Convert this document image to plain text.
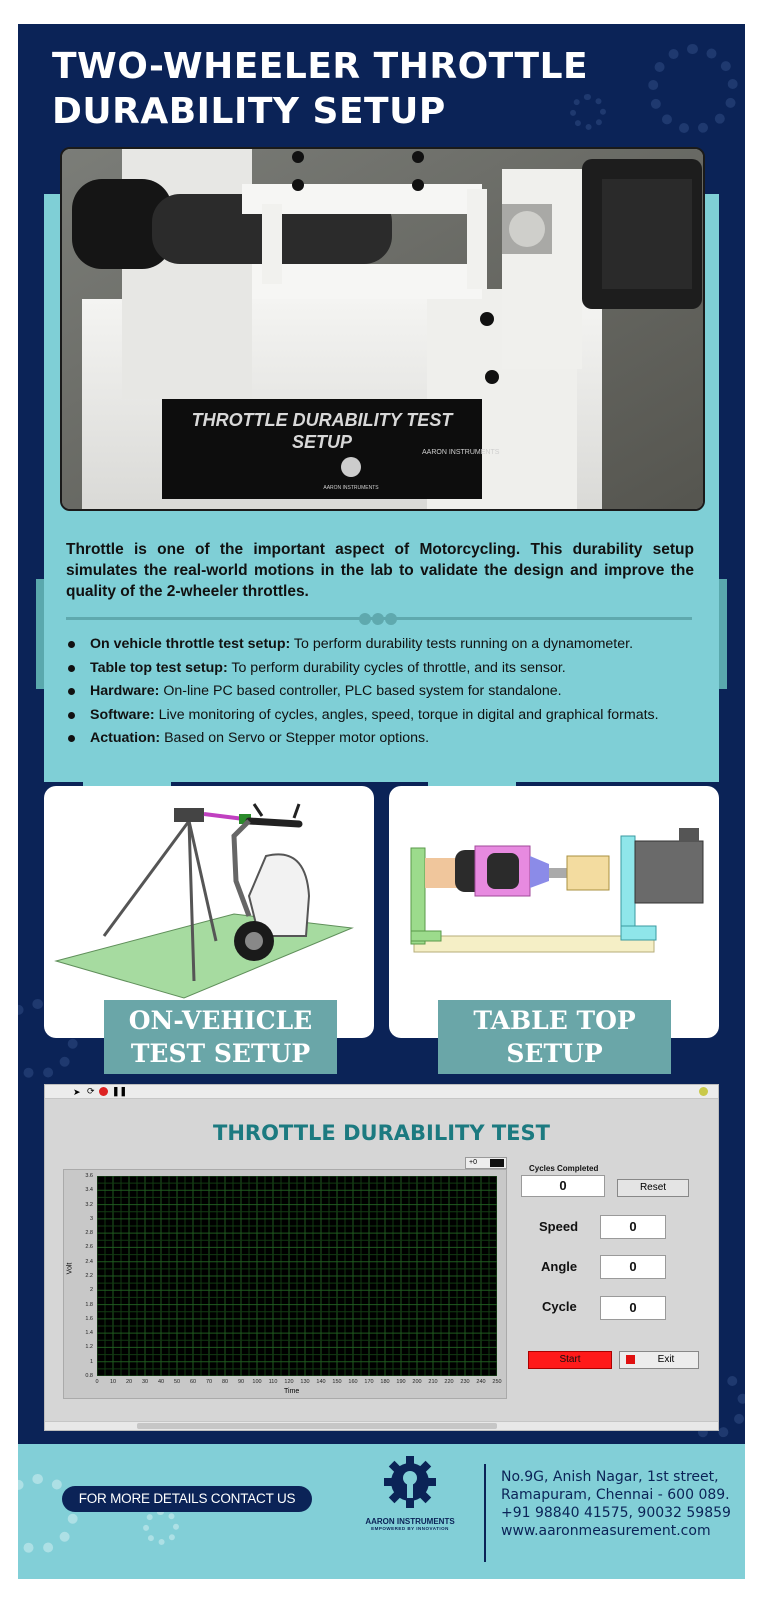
TWO-WHEELER THROTTLE
DURABILITY SETUP
THROTTLE DURABILITY TEST
SETUP
AARON INSTRUMENTS
AARON INSTRUMENTS

Throttle is one of the important aspect of Motorcycling. This durability setup simulates the real-world motions in the lab to validate the design and improve the quality of the 2-wheeler throttles.

On vehicle throttle test setup: To perform durability tests running on a dynamometer.
Table top test setup: To perform durability cycles of throttle, and its sensor.
Hardware: On-line PC based controller, PLC based system for standalone.
Software: Live monitoring of cycles, angles, speed, torque in digital and graphical formats.
Actuation: Based on Servo or Stepper motor options.
ON-VEHICLE
TEST SETUP
TABLE TOP
SETUP
➤ ⟳ ❚❚
THROTTLE DURABILITY TEST
+0
3.6
3.4
3.2
3
2.8
2.6
2.4
2.2
2
1.8
1.6
1.4
1.2
1
0.8
0	10	20	30	40	50	60	70	80	90	100	110	120	130	140	150	160	170	180	190	200	210	220	230	240	250
Volt
Time
Cycles Completed
0	Reset
Speed	0
Angle	0
Cycle	0
Start	Exit
FOR MORE DETAILS CONTACT US
AARON INSTRUMENTS
EMPOWERED BY INNOVATION
No.9G, Anish Nagar, 1st street,
Ramapuram, Chennai - 600 089.
+91 98840 41575, 90032 59859
www.aaronmeasurement.com
